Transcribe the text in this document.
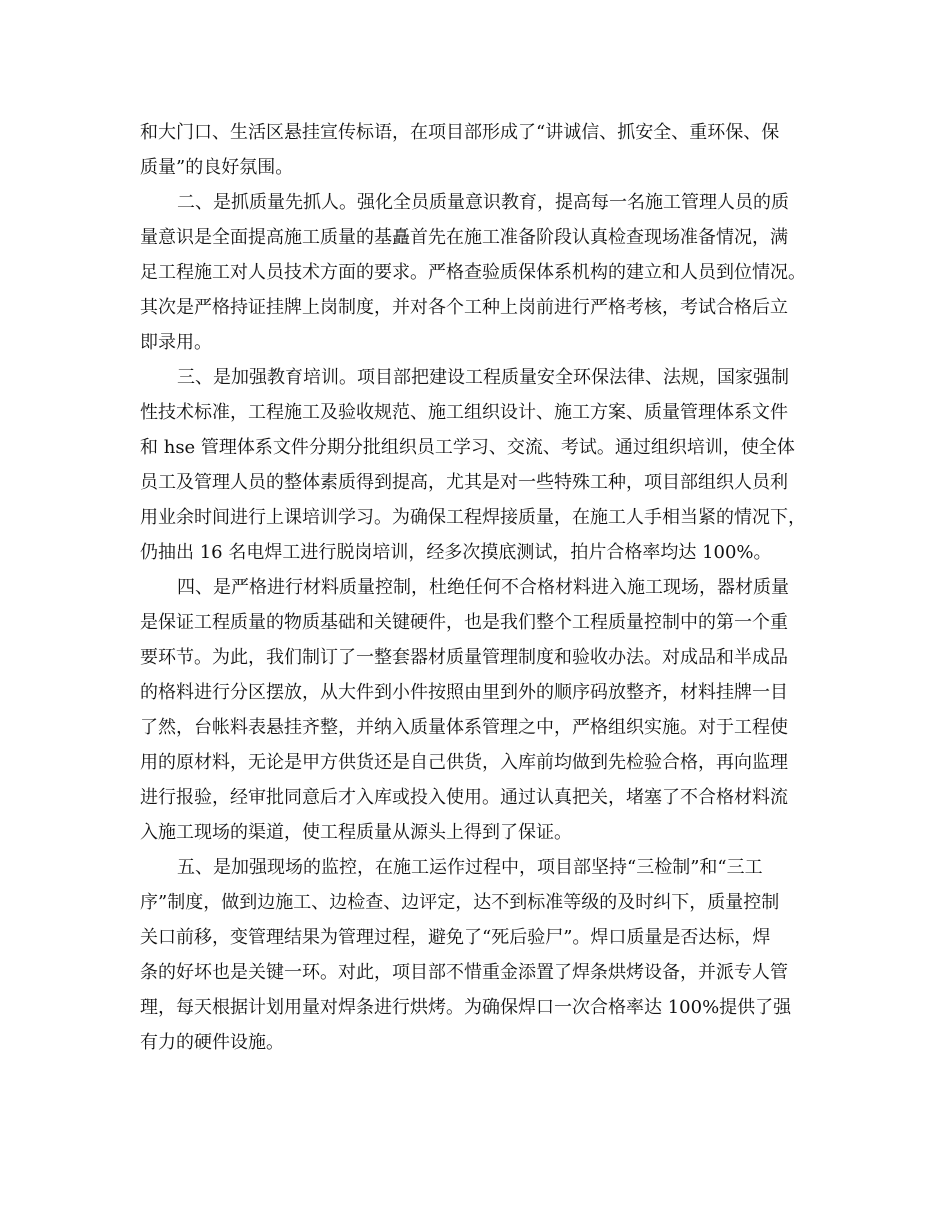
和大门口、生活区悬挂宣传标语，在项目部形成了“讲诚信、抓安全、重环保、保
质量”的良好氛围。
二、是抓质量先抓人。强化全员质量意识教育，提高每一名施工管理人员的质
量意识是全面提高施工质量的基矗首先在施工准备阶段认真检查现场准备情况，满
足工程施工对人员技术方面的要求。严格查验质保体系机构的建立和人员到位情况。
其次是严格持证挂牌上岗制度，并对各个工种上岗前进行严格考核，考试合格后立
即录用。
三、是加强教育培训。项目部把建设工程质量安全环保法律、法规，国家强制
性技术标准，工程施工及验收规范、施工组织设计、施工方案、质量管理体系文件
和 hse 管理体系文件分期分批组织员工学习、交流、考试。通过组织培训，使全体
员工及管理人员的整体素质得到提高，尤其是对一些特殊工种，项目部组织人员利
用业余时间进行上课培训学习。为确保工程焊接质量，在施工人手相当紧的情况下，
仍抽出 16 名电焊工进行脱岗培训，经多次摸底测试，拍片合格率均达 100%。
四、是严格进行材料质量控制，杜绝任何不合格材料进入施工现场，器材质量
是保证工程质量的物质基础和关键硬件，也是我们整个工程质量控制中的第一个重
要环节。为此，我们制订了一整套器材质量管理制度和验收办法。对成品和半成品
的格料进行分区摆放，从大件到小件按照由里到外的顺序码放整齐，材料挂牌一目
了然，台帐料表悬挂齐整，并纳入质量体系管理之中，严格组织实施。对于工程使
用的原材料，无论是甲方供货还是自己供货，入库前均做到先检验合格，再向监理
进行报验，经审批同意后才入库或投入使用。通过认真把关，堵塞了不合格材料流
入施工现场的渠道，使工程质量从源头上得到了保证。
五、是加强现场的监控，在施工运作过程中，项目部坚持“三检制”和“三工
序”制度，做到边施工、边检查、边评定，达不到标准等级的及时纠下，质量控制
关口前移，变管理结果为管理过程，避免了“死后验尸”。焊口质量是否达标，焊
条的好坏也是关键一环。对此，项目部不惜重金添置了焊条烘烤设备，并派专人管
理，每天根据计划用量对焊条进行烘烤。为确保焊口一次合格率达 100%提供了强
有力的硬件设施。
